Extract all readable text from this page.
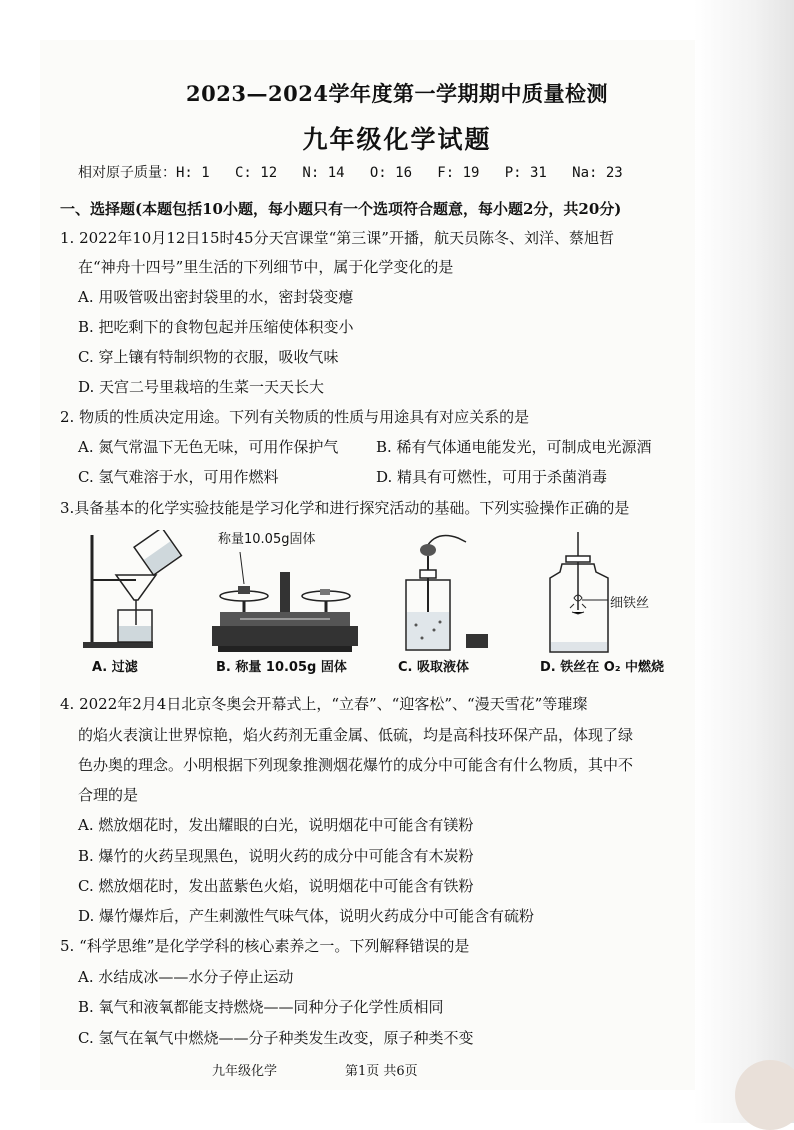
2023—2024学年度第一学期期中质量检测
九年级化学试题
相对原子质量：H: 1   C: 12   N: 14   O: 16   F: 19   P: 31   Na: 23
一、选择题(本题包括10小题，每小题只有一个选项符合题意，每小题2分，共20分)
1. 2022年10月12日15时45分天宫课堂“第三课”开播，航天员陈冬、刘洋、蔡旭哲
在“神舟十四号”里生活的下列细节中，属于化学变化的是
A. 用吸管吸出密封袋里的水，密封袋变瘪
B. 把吃剩下的食物包起并压缩使体积变小
C. 穿上镶有特制织物的衣服，吸收气味
D. 天宫二号里栽培的生菜一天天长大
2. 物质的性质决定用途。下列有关物质的性质与用途具有对应关系的是
A. 氮气常温下无色无味，可用作保护气	B. 稀有气体通电能发光，可制成电光源酒
C. 氢气难溶于水，可用作燃料	D. 精具有可燃性，可用于杀菌消毒
3.具备基本的化学实验技能是学习化学和进行探究活动的基础。下列实验操作正确的是
A. 过滤
称量10.05g固体
B. 称量 10.05g 固体	C. 吸取液体
细铁丝
D. 铁丝在 O₂ 中燃烧
4. 2022年2月4日北京冬奥会开幕式上，“立春”、“迎客松”、“漫天雪花”等璀璨
的焰火表演让世界惊艳，焰火药剂无重金属、低硫，均是高科技环保产品，体现了绿
色办奥的理念。小明根据下列现象推测烟花爆竹的成分中可能含有什么物质，其中不
合理的是
A. 燃放烟花时，发出耀眼的白光，说明烟花中可能含有镁粉
B. 爆竹的火药呈现黑色，说明火药的成分中可能含有木炭粉
C. 燃放烟花时，发出蓝紫色火焰，说明烟花中可能含有铁粉
D. 爆竹爆炸后，产生刺激性气味气体，说明火药成分中可能含有硫粉
5. “科学思维”是化学学科的核心素养之一。下列解释错误的是
A. 水结成冰——水分子停止运动
B. 氧气和液氧都能支持燃烧——同种分子化学性质相同
C. 氢气在氧气中燃烧——分子种类发生改变，原子种类不变
九年级化学	第1页 共6页
